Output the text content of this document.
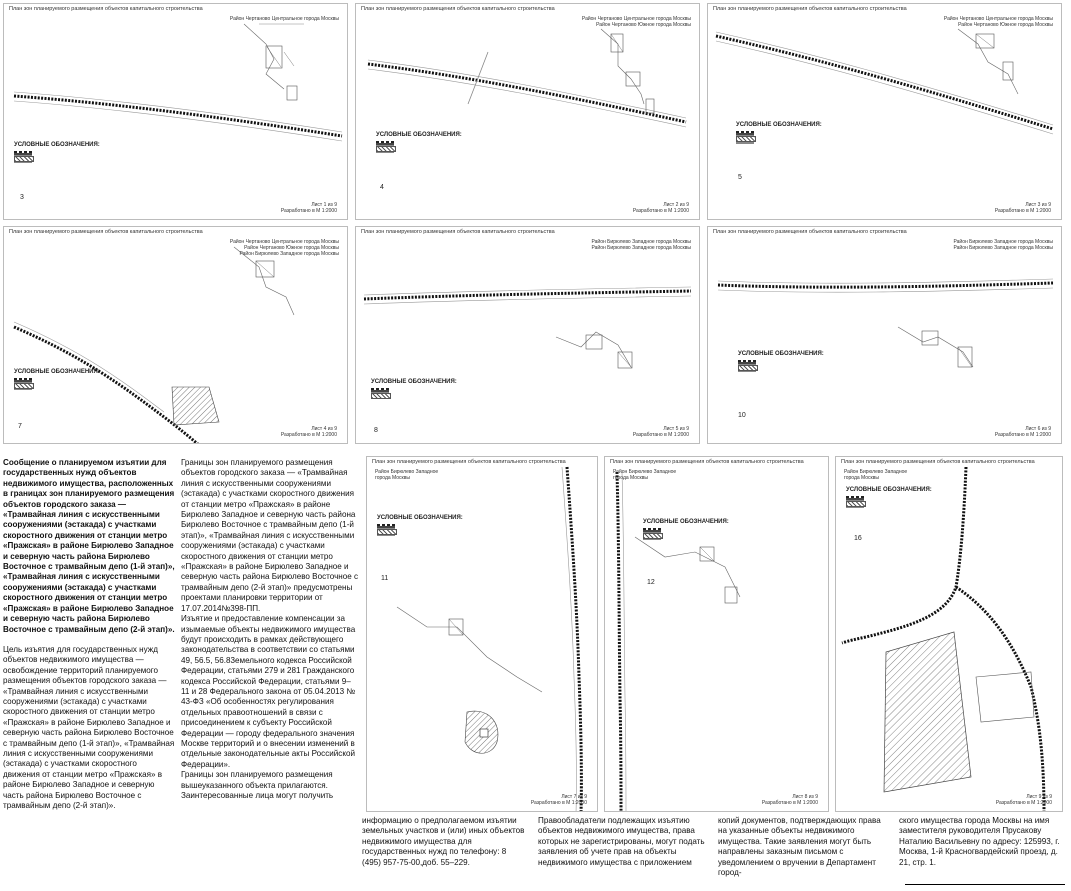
План зон планируемого размещения объектов капитального строительства
Район Чертаново Центральное города Москвы
УСЛОВНЫЕ ОБОЗНАЧЕНИЯ:
3
Лист 1 из 9
Разработано в М 1:2000
План зон планируемого размещения объектов капитального строительства
Район Чертаново Центральное города Москвы
Район Чертаново Южное города Москвы
УСЛОВНЫЕ ОБОЗНАЧЕНИЯ:
4
Лист 2 из 9
Разработано в М 1:2000
План зон планируемого размещения объектов капитального строительства
Район Чертаново Центральное города Москвы
Район Чертаново Южное города Москвы
УСЛОВНЫЕ ОБОЗНАЧЕНИЯ:
5
Лист 3 из 9
Разработано в М 1:2000
План зон планируемого размещения объектов капитального строительства
Район Чертаново Центральное города Москвы
Район Чертаново Южное города Москвы
Район Бирюлево Западное города Москвы
УСЛОВНЫЕ ОБОЗНАЧЕНИЯ:
7	Лист 4 из 9
Разработано в М 1:2000
План зон планируемого размещения объектов капитального строительства
Район Бирюлево Западное города Москвы
Район Бирюлево Западное города Москвы
УСЛОВНЫЕ ОБОЗНАЧЕНИЯ:
8	Лист 5 из 9
Разработано в М 1:2000
План зон планируемого размещения объектов капитального строительства
Район Бирюлево Западное города Москвы
Район Бирюлево Западное города Москвы
УСЛОВНЫЕ ОБОЗНАЧЕНИЯ:
10
Лист 6 из 9
Разработано в М 1:2000
План зон планируемого размещения объектов капитального строительства
Район Бирюлево Западное
города Москвы
УСЛОВНЫЕ ОБОЗНАЧЕНИЯ:
11
Лист 7 из 9
Разработано в М 1:2000
План зон планируемого размещения объектов капитального строительства
Район Бирюлево Западное
города Москвы
УСЛОВНЫЕ ОБОЗНАЧЕНИЯ:
12
Лист 8 из 9
Разработано в М 1:2000
План зон планируемого размещения объектов капитального строительства
Район Бирюлево Западное
города Москвы
УСЛОВНЫЕ ОБОЗНАЧЕНИЯ:
16
Лист 9 из 9
Разработано в М 1:2000

Сообщение о планируемом изъятии для государственных нужд объектов недвижимого имущества, расположенных в границах зон планируемого размещения объектов городского заказа — «Трамвайная линия с искусственными сооружениями (эстакада) с участками скоростного движения от станции метро «Пражская» в районе Бирюлево Западное и северную часть района Бирюлево Восточное с трамвайным депо (1-й этап)», «Трамвайная линия с искусственными сооружениями (эстакада) с участками скоростного движения от станции метро «Пражская» в районе Бирюлево Западное и северную часть района Бирюлево Восточное с трамвайным депо (2-й этап)».

Цель изъятия для государственных нужд объектов недвижимого имущества — освобождение территорий планируемого размещения объектов городского заказа — «Трамвайная линия с искусственными сооружениями (эстакада) с участками скоростного движения от станции метро «Пражская» в районе Бирюлево Западное и северную часть района Бирюлево Восточное с трамвайным депо (1-й этап)», «Трамвайная линия с искусственными сооружениями (эстакада) с участками скоростного движения от станции метро «Пражская» в районе Бирюлево Западное и северную часть района Бирюлево Восточное с трамвайным депо (2-й этап)».

Границы зон планируемого размещения объектов городского заказа — «Трамвайная линия с искусственными сооружениями (эстакада) с участками скоростного движения от станции метро «Пражская» в районе Бирюлево Западное и северную часть района Бирюлево Восточное с трамвайным депо (1-й этап)», «Трамвайная линия с искусственными сооружениями (эстакада) с участками скоростного движения от станции метро «Пражская» в районе Бирюлево Западное и северную часть района Бирюлево Восточное с трамвайным депо (2-й этап)» предусмотрены проектами планировки территории от 17.07.2014№398-ПП.

Изъятие и предоставление компенсации за изымаемые объекты недвижимого имущества будут происходить в рамках действующего законодательства в соответствии со статьями 49, 56.5, 56.83емельного кодекса Российской Федерации, статьями 279 и 281 Гражданского кодекса Российской Федерации, статьями 9–11 и 28 Федерального закона от 05.04.2013 № 43-ФЗ «Об особенностях регулирования отдельных правоотношений в связи с присоединением к субъекту Российской Федерации — городу федерального значения Москве территорий и о внесении изменений в отдельные законодательные акты Российской Федерации».

Границы зон планируемого размещения вышеуказанного объекта прилагаются.

Заинтересованные лица могут получить

информацию о предполагаемом изъятии земельных участков и (или) иных объектов недвижимого имущества для государственных нужд по телефону: 8 (495) 957-75-00,доб. 55–229.

Правообладатели подлежащих изъятию объектов недвижимого имущества, права которых не зарегистрированы, могут подать заявления об учете прав на объекты недвижимого имущества с приложением

копий документов, подтверждающих права на указанные объекты недвижимого имущества. Такие заявления могут быть направлены заказным письмом с уведомлением о вручении в Департамент город-

ского имущества города Москвы на имя заместителя руководителя Прусакову Наталию Васильевну по адресу: 125993, г. Москва, 1-й Красногвардейский проезд, д. 21, стр. 1.
